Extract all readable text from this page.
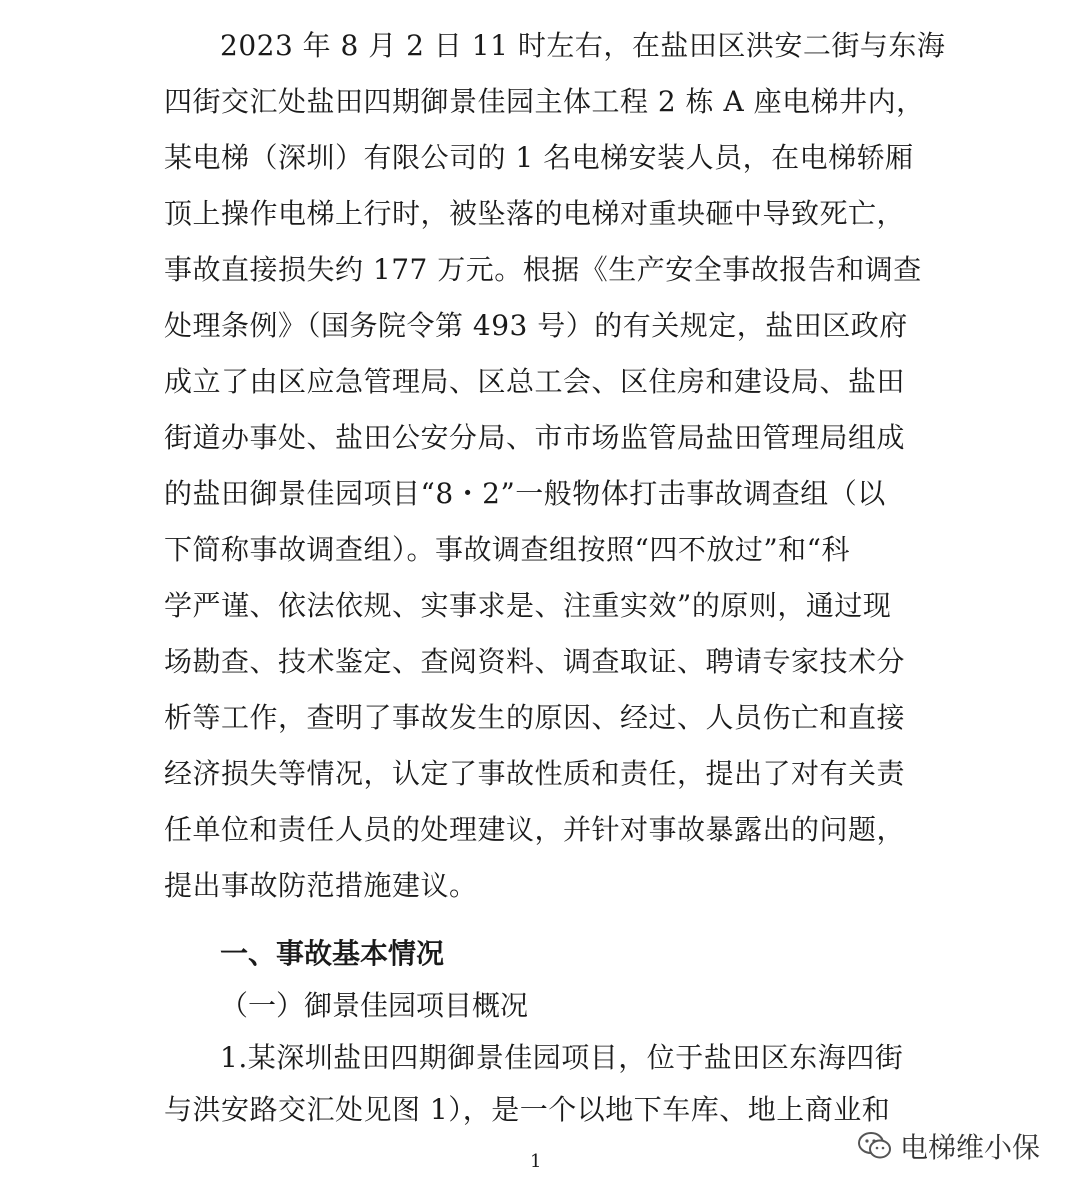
2023 年 8 月 2 日 11 时左右，在盐田区洪安二街与东海
四街交汇处盐田四期御景佳园主体工程 2 栋 A 座电梯井内，
某电梯（深圳）有限公司的 1 名电梯安装人员，在电梯轿厢
顶上操作电梯上行时，被坠落的电梯对重块砸中导致死亡，
事故直接损失约 177 万元。根据《生产安全事故报告和调查
处理条例》（国务院令第 493 号）的有关规定，盐田区政府
成立了由区应急管理局、区总工会、区住房和建设局、盐田
街道办事处、盐田公安分局、市市场监管局盐田管理局组成
的盐田御景佳园项目“8・2”一般物体打击事故调查组（以
下简称事故调查组）。事故调查组按照“四不放过”和“科
学严谨、依法依规、实事求是、注重实效”的原则，通过现
场勘查、技术鉴定、查阅资料、调查取证、聘请专家技术分
析等工作，查明了事故发生的原因、经过、人员伤亡和直接
经济损失等情况，认定了事故性质和责任，提出了对有关责
任单位和责任人员的处理建议，并针对事故暴露出的问题，
提出事故防范措施建议。
一、事故基本情况
（一）御景佳园项目概况
1.某深圳盐田四期御景佳园项目，位于盐田区东海四街
与洪安路交汇处见图 1），是一个以地下车库、地上商业和
1	电梯维小保
